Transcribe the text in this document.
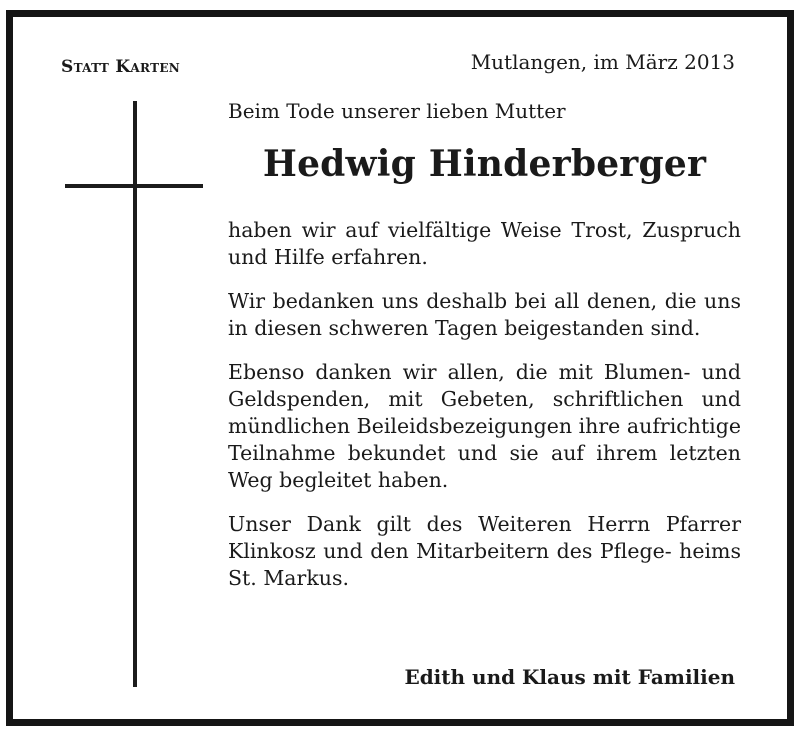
Statt Karten	Mutlangen, im März 2013
Beim Tode unserer lieben Mutter
Hedwig Hinderberger

haben wir auf vielfältige Weise Trost, Zuspruch und Hilfe erfahren.

Wir bedanken uns deshalb bei all denen, die uns in diesen schweren Tagen beigestanden sind.

Ebenso danken wir allen, die mit Blumen- und Geldspenden, mit Gebeten, schriftlichen und mündlichen Beileidsbezeigungen ihre aufrichtige Teilnahme bekundet und sie auf ihrem letzten Weg begleitet haben.

Unser Dank gilt des Weiteren Herrn Pfarrer Klinkosz und den Mitarbeitern des Pflege- heims St. Markus.

Edith und Klaus mit Familien
